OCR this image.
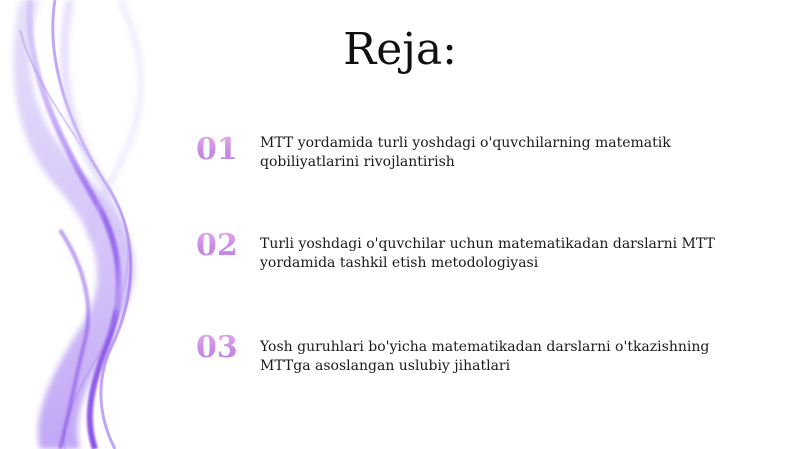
Reja:
01	MTT yordamida turli yoshdagi o'quvchilarning matematik qobiliyatlarini rivojlantirish
02	Turli yoshdagi o'quvchilar uchun matematikadan darslarni MTT yordamida tashkil etish metodologiyasi
03	Yosh guruhlari bo'yicha matematikadan darslarni o'tkazishning MTTga asoslangan uslubiy jihatlari
